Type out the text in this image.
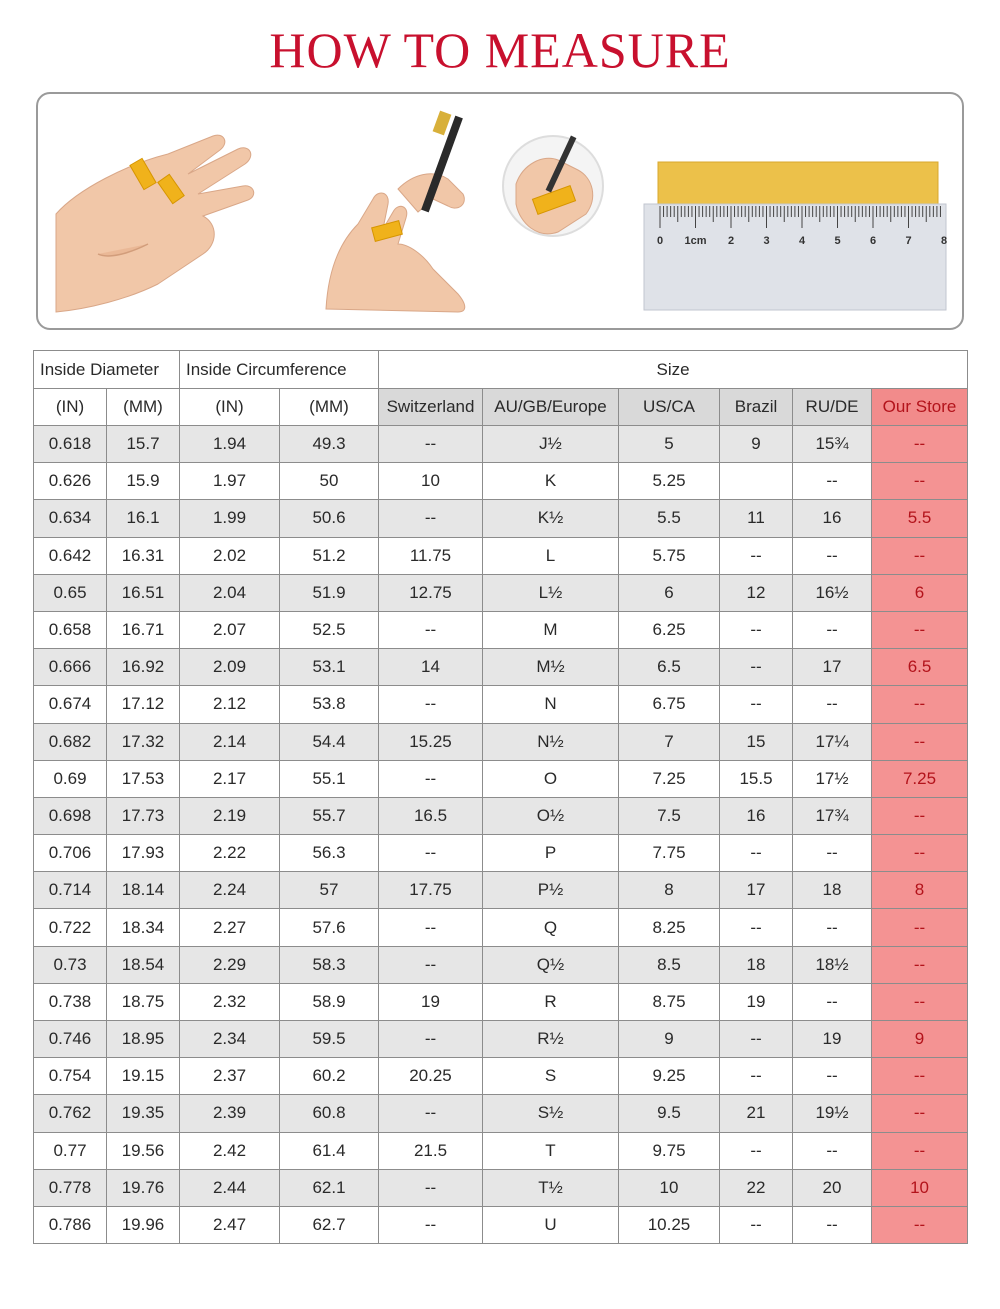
HOW TO MEASURE
0 1cm 2	3	4	5	6	7	8
Inside Diameter		Inside Circumference		Size					
(IN)	(MM)	(IN)	(MM)	Switzerland	AU/GB/Europe	US/CA	Brazil	RU/DE	Our Store
0.618	15.7	1.94	49.3	--	J½	5	9	15¾	--
0.626	15.9	1.97	50	10	K	5.25		--	--
0.634	16.1	1.99	50.6	--	K½	5.5	11	16	5.5
0.642	16.31	2.02	51.2	11.75	L	5.75	--	--	--
0.65	16.51	2.04	51.9	12.75	L½	6	12	16½	6
0.658	16.71	2.07	52.5	--	M	6.25	--	--	--
0.666	16.92	2.09	53.1	14	M½	6.5	--	17	6.5
0.674	17.12	2.12	53.8	--	N	6.75	--	--	--
0.682	17.32	2.14	54.4	15.25	N½	7	15	17¼	--
0.69	17.53	2.17	55.1	--	O	7.25	15.5	17½	7.25
0.698	17.73	2.19	55.7	16.5	O½	7.5	16	17¾	--
0.706	17.93	2.22	56.3	--	P	7.75	--	--	--
0.714	18.14	2.24	57	17.75	P½	8	17	18	8
0.722	18.34	2.27	57.6	--	Q	8.25	--	--	--
0.73	18.54	2.29	58.3	--	Q½	8.5	18	18½	--
0.738	18.75	2.32	58.9	19	R	8.75	19	--	--
0.746	18.95	2.34	59.5	--	R½	9	--	19	9
0.754	19.15	2.37	60.2	20.25	S	9.25	--	--	--
0.762	19.35	2.39	60.8	--	S½	9.5	21	19½	--
0.77	19.56	2.42	61.4	21.5	T	9.75	--	--	--
0.778	19.76	2.44	62.1	--	T½	10	22	20	10
0.786	19.96	2.47	62.7	--	U	10.25	--	--	--
